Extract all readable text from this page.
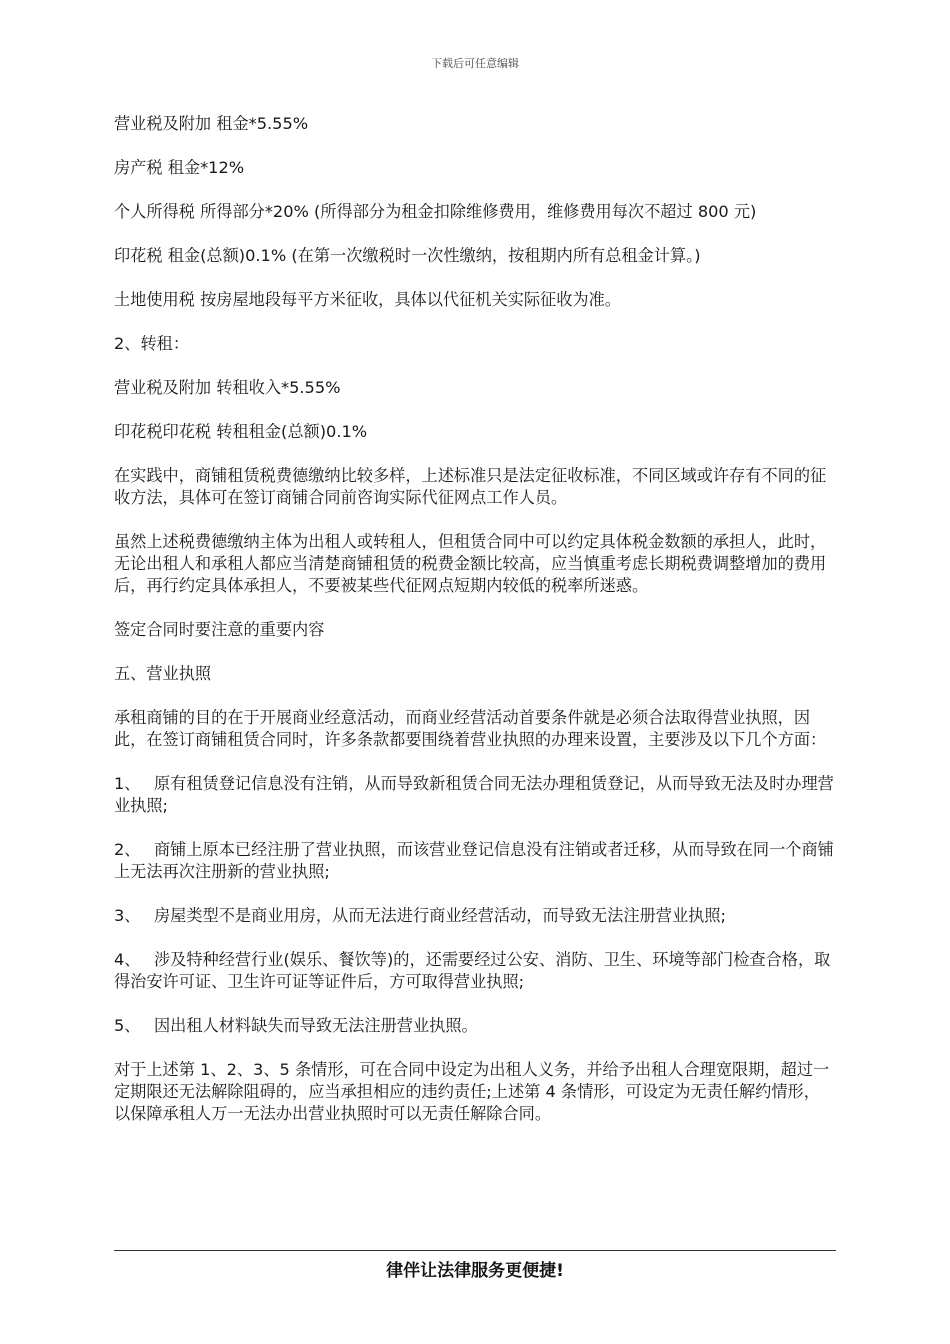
下载后可任意编辑

营业税及附加 租金*5.55%

房产税 租金*12%

个人所得税 所得部分*20% (所得部分为租金扣除维修费用，维修费用每次不超过 800 元)

印花税 租金(总额)0.1% (在第一次缴税时一次性缴纳，按租期内所有总租金计算。)

土地使用税 按房屋地段每平方米征收，具体以代征机关实际征收为准。

2、转租：

营业税及附加 转租收入*5.55%

印花税印花税 转租租金(总额)0.1%

在实践中，商铺租赁税费德缴纳比较多样，上述标准只是法定征收标准，不同区域或许存有不同的征收方法，具体可在签订商铺合同前咨询实际代征网点工作人员。

虽然上述税费德缴纳主体为出租人或转租人，但租赁合同中可以约定具体税金数额的承担人，此时，无论出租人和承租人都应当清楚商铺租赁的税费金额比较高，应当慎重考虑长期税费调整增加的费用后，再行约定具体承担人，不要被某些代征网点短期内较低的税率所迷惑。

签定合同时要注意的重要内容

五、营业执照

承租商铺的目的在于开展商业经意活动，而商业经营活动首要条件就是必须合法取得营业执照，因此，在签订商铺租赁合同时，许多条款都要围绕着营业执照的办理来设置，主要涉及以下几个方面：

1、 原有租赁登记信息没有注销，从而导致新租赁合同无法办理租赁登记，从而导致无法及时办理营业执照;

2、 商铺上原本已经注册了营业执照，而该营业登记信息没有注销或者迁移，从而导致在同一个商铺上无法再次注册新的营业执照;

3、 房屋类型不是商业用房，从而无法进行商业经营活动，而导致无法注册营业执照;

4、 涉及特种经营行业(娱乐、餐饮等)的，还需要经过公安、消防、卫生、环境等部门检查合格，取得治安许可证、卫生许可证等证件后，方可取得营业执照;

5、 因出租人材料缺失而导致无法注册营业执照。

对于上述第 1、2、3、5 条情形，可在合同中设定为出租人义务，并给予出租人合理宽限期，超过一定期限还无法解除阻碍的，应当承担相应的违约责任;上述第 4 条情形，可设定为无责任解约情形，以保障承租人万一无法办出营业执照时可以无责任解除合同。

律伴让法律服务更便捷!
